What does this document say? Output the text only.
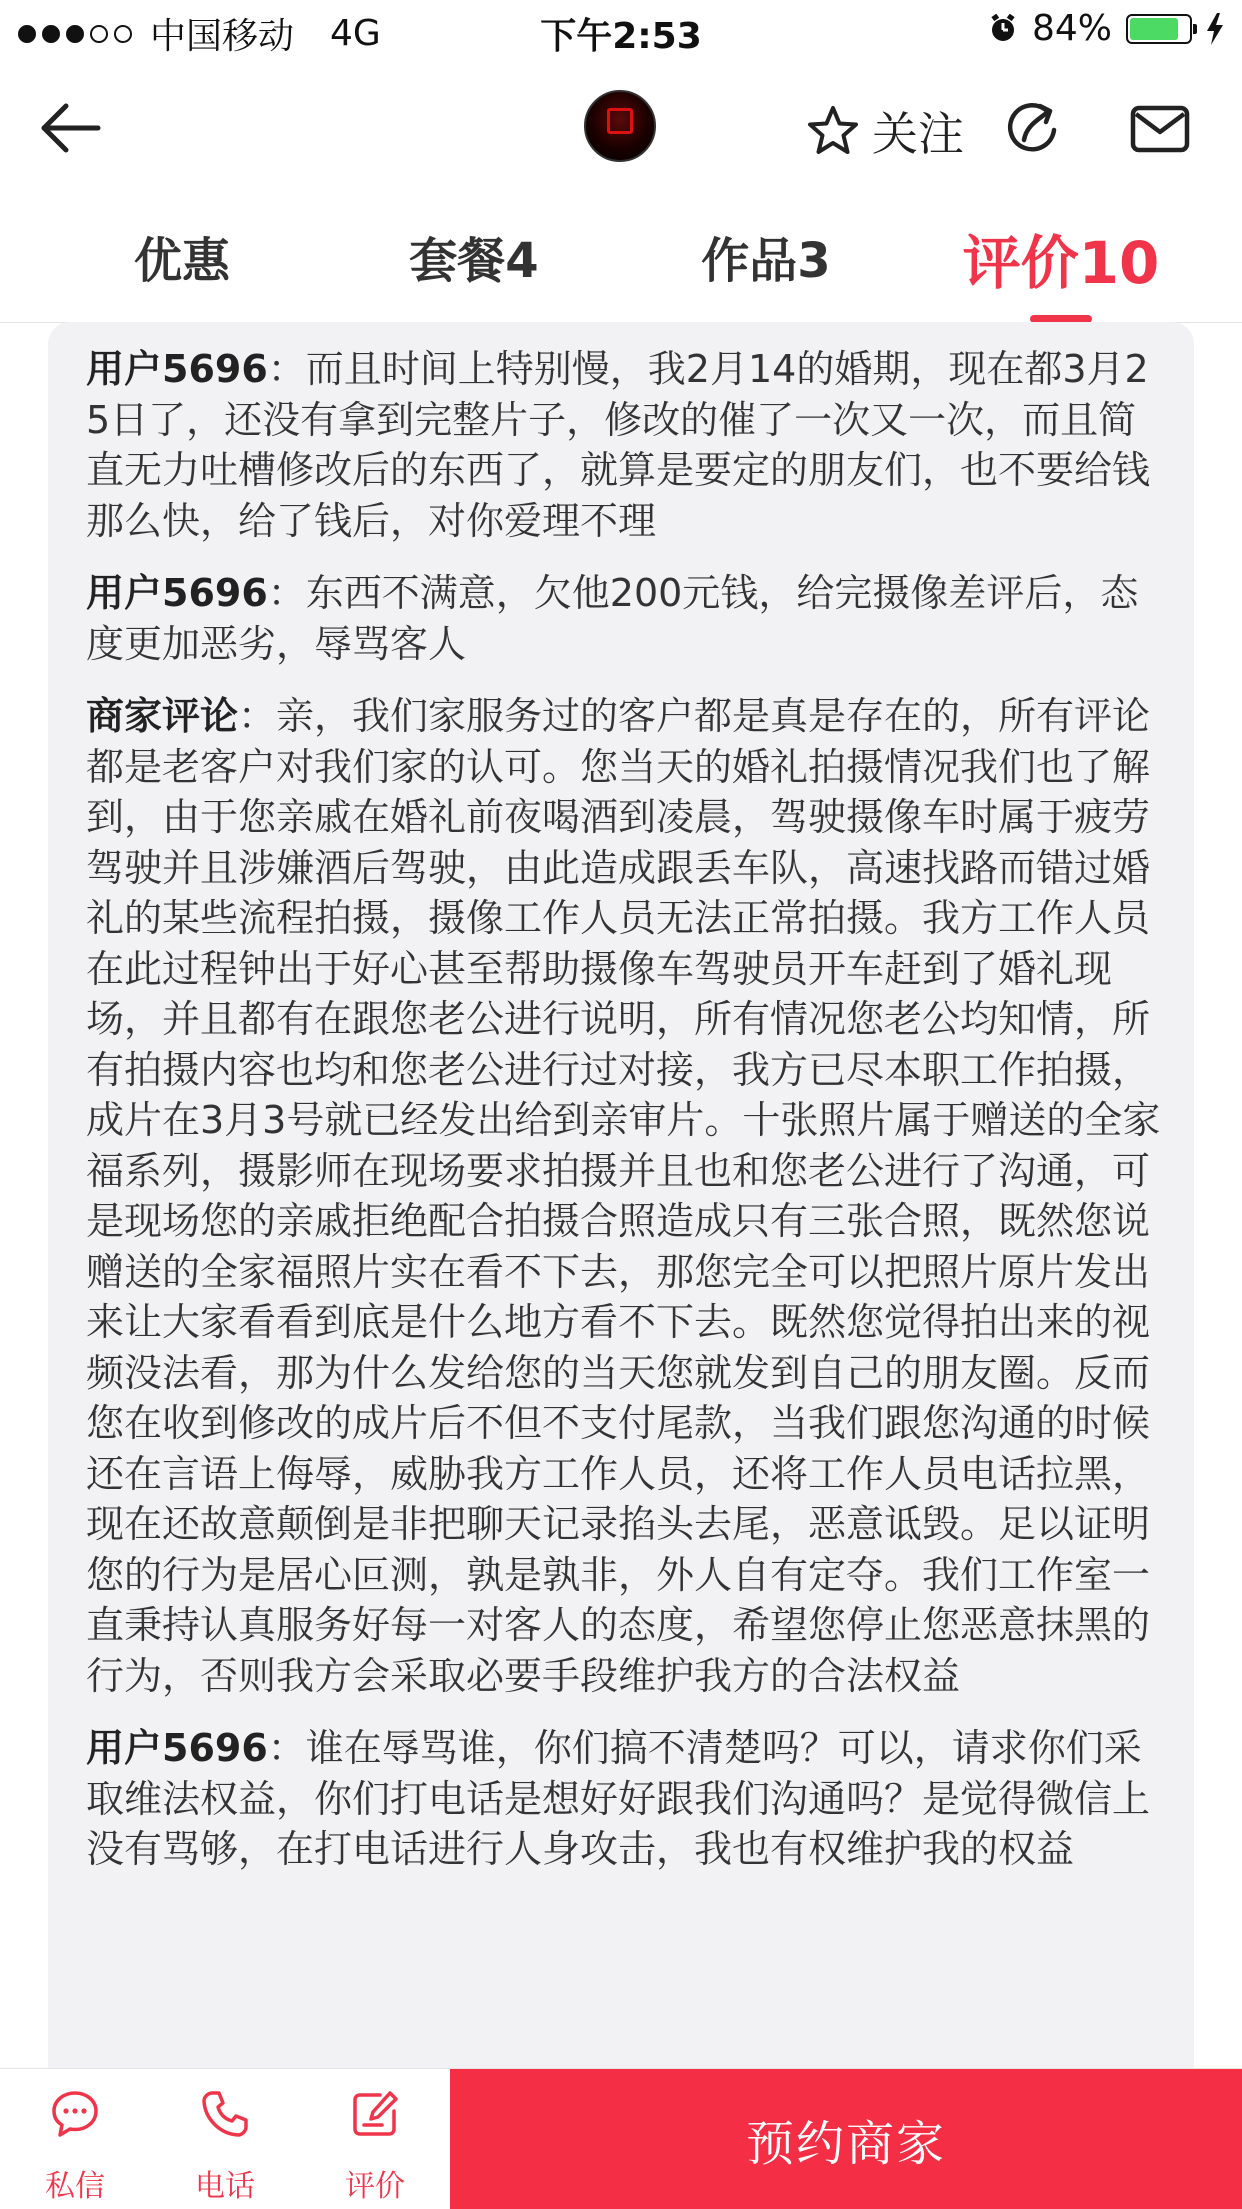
中国移动 4G	下午2:53	84%
关注
优惠	套餐4	作品3	评价10
用户5696：而且时间上特别慢，我2月14的婚期，现在都3月25日了，还没有拿到完整片子，修改的催了一次又一次，而且简直无力吐槽修改后的东西了，就算是要定的朋友们，也不要给钱那么快，给了钱后，对你爱理不理
用户5696：东西不满意，欠他200元钱，给完摄像差评后，态度更加恶劣，辱骂客人
商家评论：亲，我们家服务过的客户都是真是存在的，所有评论都是老客户对我们家的认可。您当天的婚礼拍摄情况我们也了解到，由于您亲戚在婚礼前夜喝酒到凌晨，驾驶摄像车时属于疲劳驾驶并且涉嫌酒后驾驶，由此造成跟丢车队，高速找路而错过婚礼的某些流程拍摄，摄像工作人员无法正常拍摄。我方工作人员在此过程钟出于好心甚至帮助摄像车驾驶员开车赶到了婚礼现场，并且都有在跟您老公进行说明，所有情况您老公均知情，所有拍摄内容也均和您老公进行过对接，我方已尽本职工作拍摄，成片在3月3号就已经发出给到亲审片。十张照片属于赠送的全家福系列，摄影师在现场要求拍摄并且也和您老公进行了沟通，可是现场您的亲戚拒绝配合拍摄合照造成只有三张合照，既然您说赠送的全家福照片实在看不下去，那您完全可以把照片原片发出来让大家看看到底是什么地方看不下去。既然您觉得拍出来的视频没法看，那为什么发给您的当天您就发到自己的朋友圈。反而您在收到修改的成片后不但不支付尾款，当我们跟您沟通的时候还在言语上侮辱，威胁我方工作人员，还将工作人员电话拉黑，现在还故意颠倒是非把聊天记录掐头去尾，恶意诋毁。足以证明您的行为是居心叵测，孰是孰非，外人自有定夺。我们工作室一直秉持认真服务好每一对客人的态度，希望您停止您恶意抹黑的行为，否则我方会采取必要手段维护我方的合法权益
用户5696：谁在辱骂谁，你们搞不清楚吗？可以，请求你们采取维法权益，你们打电话是想好好跟我们沟通吗？是觉得微信上没有骂够，在打电话进行人身攻击，我也有权维护我的权益
私信	电话	评价
预约商家
